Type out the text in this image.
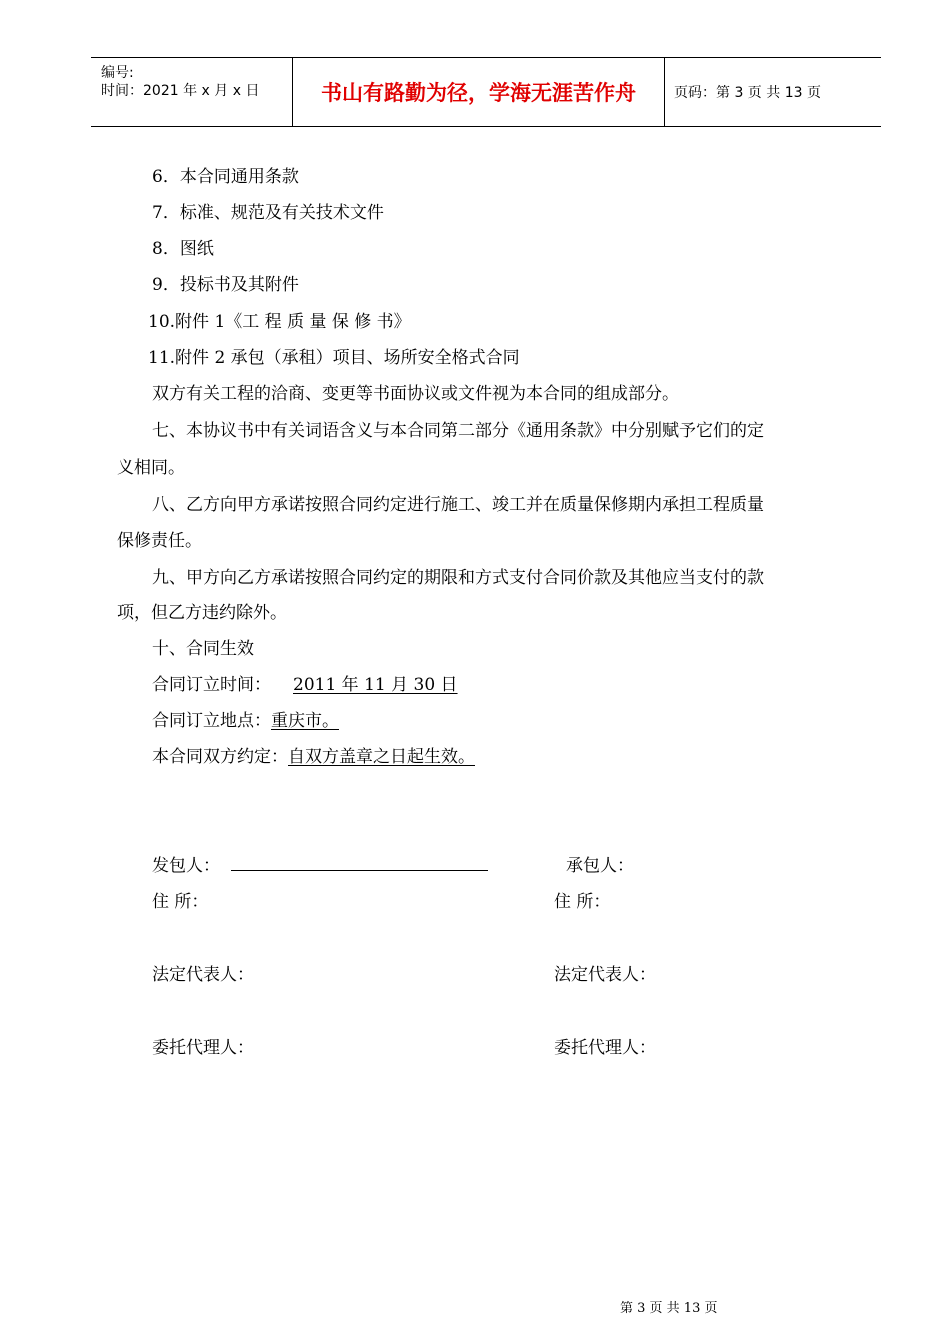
编号:
时间：2021 年 x 月 x 日	书山有路勤为径，学海无涯苦作舟	页码：第 3 页 共 13 页
6．本合同通用条款
7．标准、规范及有关技术文件
8．图纸
9．投标书及其附件
10.附件 1《工 程 质 量 保 修 书》
11.附件 2 承包（承租）项目、场所安全格式合同
双方有关工程的洽商、变更等书面协议或文件视为本合同的组成部分。
七、本协议书中有关词语含义与本合同第二部分《通用条款》中分别赋予它们的定
义相同。
八、乙方向甲方承诺按照合同约定进行施工、竣工并在质量保修期内承担工程质量
保修责任。
九、甲方向乙方承诺按照合同约定的期限和方式支付合同价款及其他应当支付的款
项，但乙方违约除外。
十、合同生效
合同订立时间： 2011 年 11 月 30 日
合同订立地点：重庆市。
本合同双方约定：自双方盖章之日起生效。
发包人：	承包人：
住 所：	住 所：
法定代表人：	法定代表人：
委托代理人：	委托代理人：
第 3 页 共 13 页
